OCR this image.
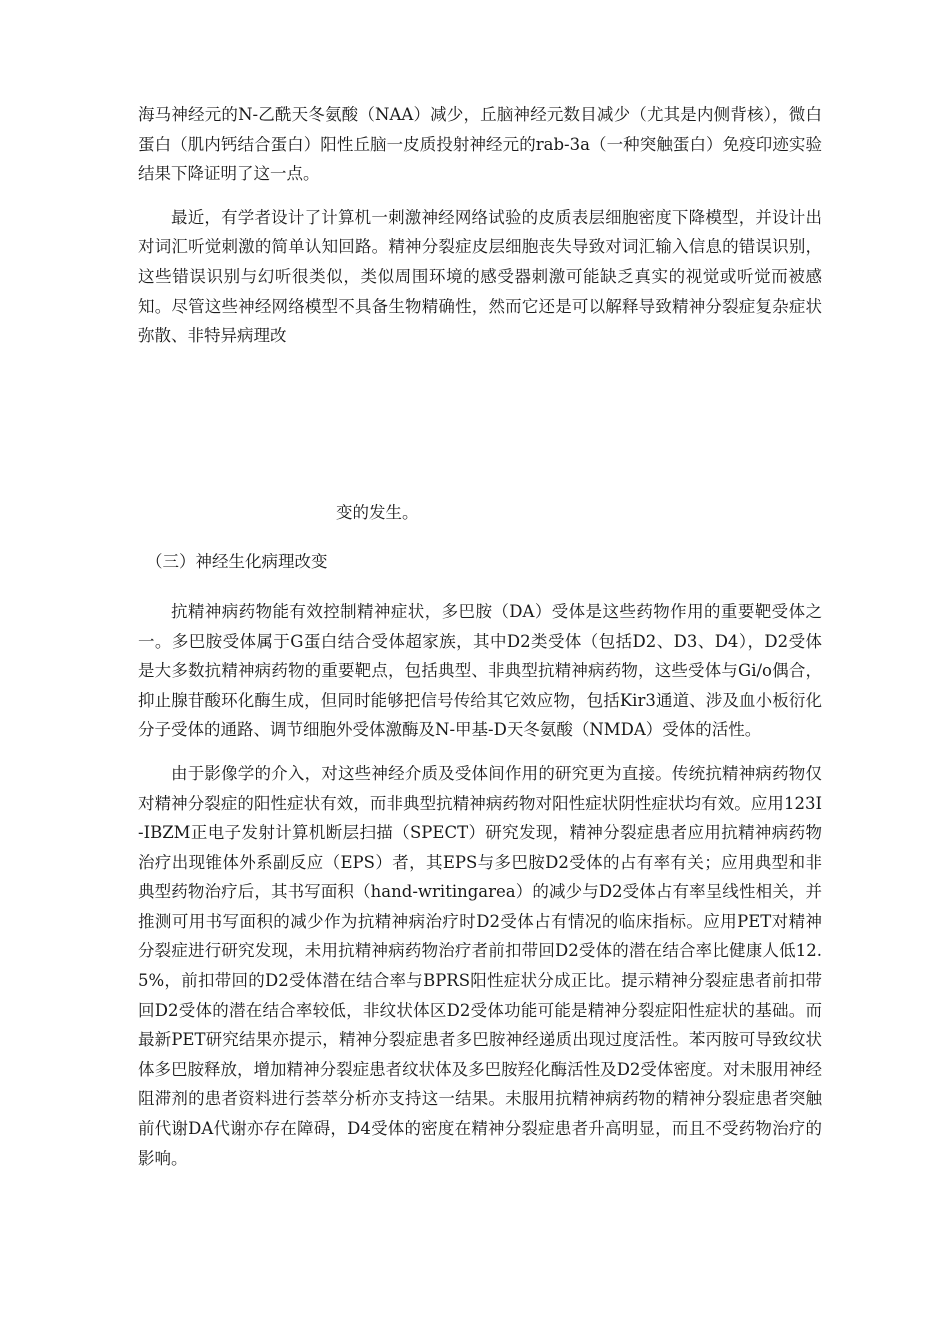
海马神经元的N-乙酰天冬氨酸（NAA）减少，丘脑神经元数目减少（尤其是内侧背核），微白蛋白（肌内钙结合蛋白）阳性丘脑一皮质投射神经元的rab-3a（一种突触蛋白）免疫印迹实验结果下降证明了这一点。

最近，有学者设计了计算机一刺激神经网络试验的皮质表层细胞密度下降模型，并设计出对词汇听觉刺激的简单认知回路。精神分裂症皮层细胞丧失导致对词汇输入信息的错误识别，这些错误识别与幻听很类似，类似周围环境的感受器刺激可能缺乏真实的视觉或听觉而被感知。尽管这些神经网络模型不具备生物精确性，然而它还是可以解释导致精神分裂症复杂症状弥散、非特异病理改

变的发生。
（三）神经生化病理改变

抗精神病药物能有效控制精神症状，多巴胺（DA）受体是这些药物作用的重要靶受体之一。多巴胺受体属于G蛋白结合受体超家族，其中D2类受体（包括D2、D3、D4），D2受体是大多数抗精神病药物的重要靶点，包括典型、非典型抗精神病药物，这些受体与Gi/o偶合，抑止腺苷酸环化酶生成，但同时能够把信号传给其它效应物，包括Kir3通道、涉及血小板衍化分子受体的通路、调节细胞外受体激酶及N-甲基-D天冬氨酸（NMDA）受体的活性。

由于影像学的介入，对这些神经介质及受体间作用的研究更为直接。传统抗精神病药物仅对精神分裂症的阳性症状有效，而非典型抗精神病药物对阳性症状阴性症状均有效。应用123I-IBZM正电子发射计算机断层扫描（SPECT）研究发现，精神分裂症患者应用抗精神病药物治疗出现锥体外系副反应（EPS）者，其EPS与多巴胺D2受体的占有率有关；应用典型和非典型药物治疗后，其书写面积（hand-writingarea）的减少与D2受体占有率呈线性相关，并推测可用书写面积的减少作为抗精神病治疗时D2受体占有情况的临床指标。应用PET对精神分裂症进行研究发现，未用抗精神病药物治疗者前扣带回D2受体的潜在结合率比健康人低12.5%，前扣带回的D2受体潜在结合率与BPRS阳性症状分成正比。提示精神分裂症患者前扣带回D2受体的潜在结合率较低，非纹状体区D2受体功能可能是精神分裂症阳性症状的基础。而最新PET研究结果亦提示，精神分裂症患者多巴胺神经递质出现过度活性。苯丙胺可导致纹状体多巴胺释放，增加精神分裂症患者纹状体及多巴胺羟化酶活性及D2受体密度。对未服用神经阻滞剂的患者资料进行荟萃分析亦支持这一结果。未服用抗精神病药物的精神分裂症患者突触前代谢DA代谢亦存在障碍，D4受体的密度在精神分裂症患者升高明显，而且不受药物治疗的影响。
